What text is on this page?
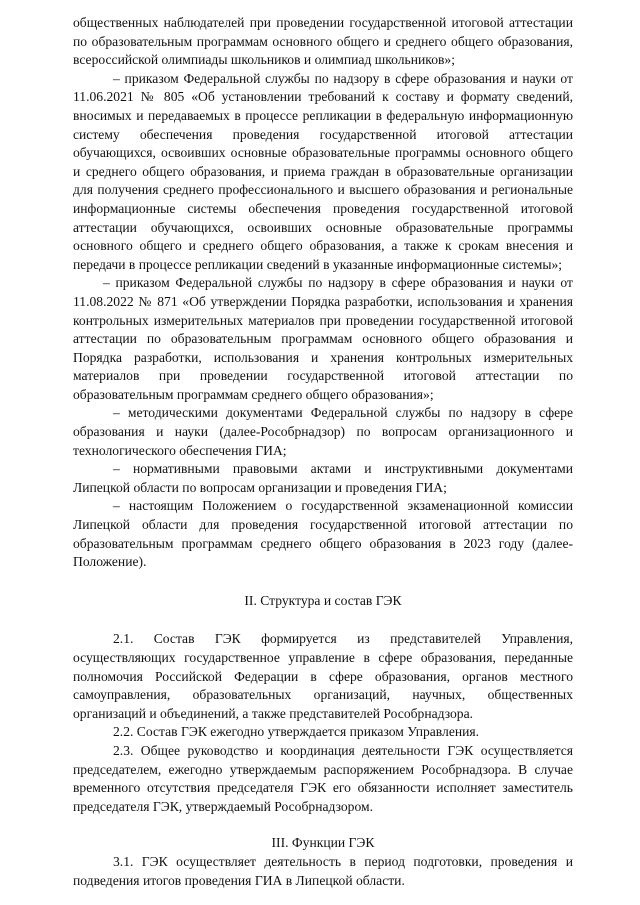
общественных наблюдателей при проведении государственной итоговой аттестации по образовательным программам основного общего и среднего общего образования, всероссийской олимпиады школьников и олимпиад школьников»;

– приказом Федеральной службы по надзору в сфере образования и науки от 11.06.2021 № 805 «Об установлении требований к составу и формату сведений, вносимых и передаваемых в процессе репликации в федеральную информационную систему обеспечения проведения государственной итоговой аттестации обучающихся, освоивших основные образовательные программы основного общего и среднего общего образования, и приема граждан в образовательные организации для получения среднего профессионального и высшего образования и региональные информационные системы обеспечения проведения государственной итоговой аттестации обучающихся, освоивших основные образовательные программы основного общего и среднего общего образования, а также к срокам внесения и передачи в процессе репликации сведений в указанные информационные системы»;

– приказом Федеральной службы по надзору в сфере образования и науки от 11.08.2022 № 871 «Об утверждении Порядка разработки, использования и хранения контрольных измерительных материалов при проведении государственной итоговой аттестации по образовательным программам основного общего образования и Порядка разработки, использования и хранения контрольных измерительных материалов при проведении государственной итоговой аттестации по образовательным программам среднего общего образования»;

– методическими документами Федеральной службы по надзору в сфере образования и науки (далее-Рособрнадзор) по вопросам организационного и технологического обеспечения ГИА;

– нормативными правовыми актами и инструктивными документами Липецкой области по вопросам организации и проведения ГИА;

– настоящим Положением о государственной экзаменационной комиссии Липецкой области для проведения государственной итоговой аттестации по образовательным программам среднего общего образования в 2023 году (далее-Положение).

II. Структура и состав ГЭК

2.1. Состав ГЭК формируется из представителей Управления, осуществляющих государственное управление в сфере образования, переданные полномочия Российской Федерации в сфере образования, органов местного самоуправления, образовательных организаций, научных, общественных организаций и объединений, а также представителей Рособрнадзора.

2.2. Состав ГЭК ежегодно утверждается приказом Управления.

2.3. Общее руководство и координация деятельности ГЭК осуществляется председателем, ежегодно утверждаемым распоряжением Рособрнадзора. В случае временного отсутствия председателя ГЭК его обязанности исполняет заместитель председателя ГЭК, утверждаемый Рособрнадзором.

III. Функции ГЭК

3.1. ГЭК осуществляет деятельность в период подготовки, проведения и подведения итогов проведения ГИА в Липецкой области.
